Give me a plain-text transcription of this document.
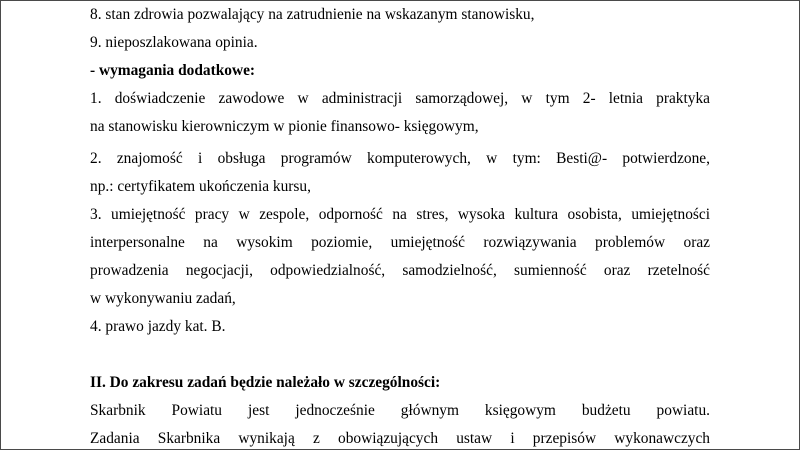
8. stan zdrowia pozwalający na zatrudnienie na wskazanym stanowisku,
9. nieposzlakowana opinia.
- wymagania dodatkowe:
1. doświadczenie zawodowe w administracji samorządowej, w tym 2- letnia praktyka
na stanowisku kierowniczym w pionie finansowo- księgowym,
2. znajomość i obsługa programów komputerowych, w tym: Besti@- potwierdzone,
np.: certyfikatem ukończenia kursu,
3. umiejętność pracy w zespole, odporność na stres, wysoka kultura osobista, umiejętności
interpersonalne na wysokim poziomie, umiejętność rozwiązywania problemów oraz
prowadzenia negocjacji, odpowiedzialność, samodzielność, sumienność oraz rzetelność
w wykonywaniu zadań,
4. prawo jazdy kat. B.
II. Do zakresu zadań będzie należało w szczególności:
Skarbnik Powiatu jest jednocześnie głównym księgowym budżetu powiatu.
Zadania Skarbnika wynikają z obowiązujących ustaw i przepisów wykonawczych
